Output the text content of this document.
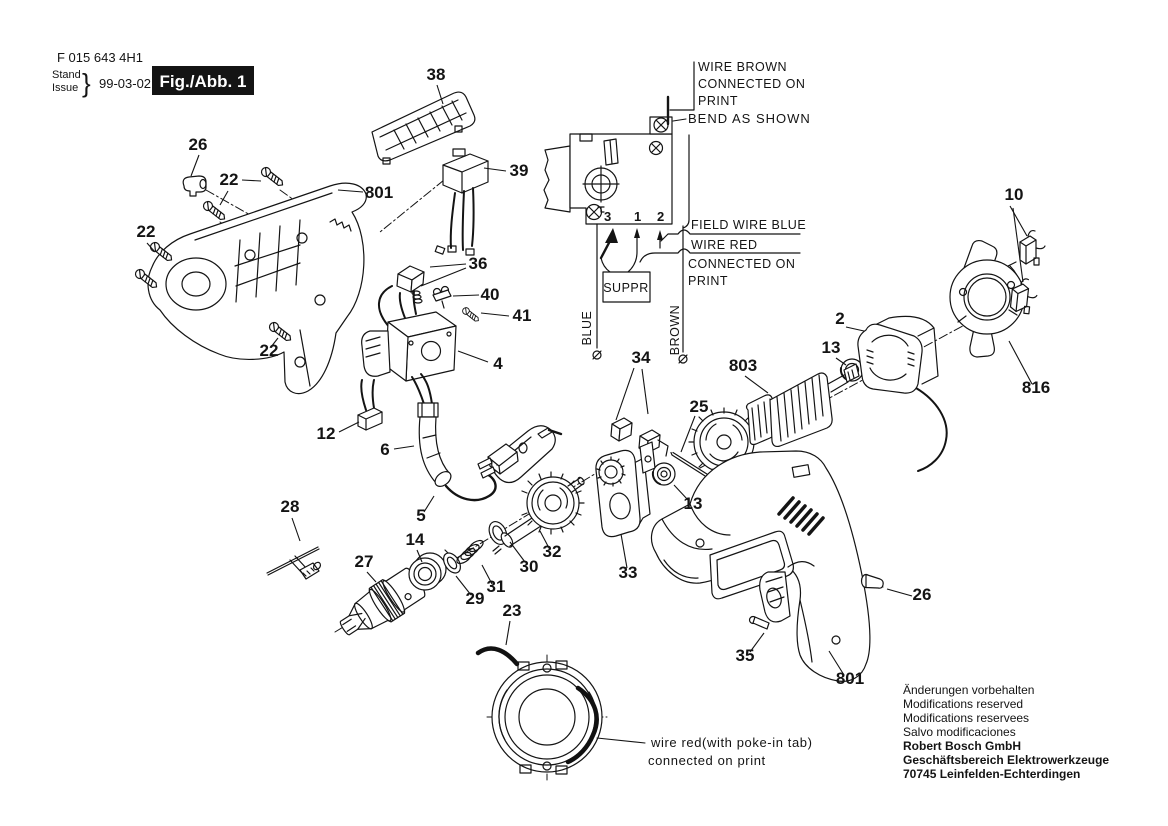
F 015 643 4H1
Stand
Issue } 99-03-02 Fig./Abb. 1
3 1 2
SUPPR
WIRE BROWN
CONNECTED ON
PRINT
BEND AS SHOWN
FIELD WIRE BLUE
WIRE RED
CONNECTED ON
PRINT
BLUE	BROWN
wire red(with poke-in tab)
connected on print
Änderungen vorbehalten
Modifications reserved
Modifications reservees
Salvo modificaciones
Robert Bosch GmbH
Geschäftsbereich Elektrowerkzeuge
70745 Leinfelden-Echterdingen
38
26
22
801
22
22
39
36
40
41
4
12
6
5
28
27
14
29
31
30
32
23
33
13
34
25
803
2
13
10
816
26
35
801
